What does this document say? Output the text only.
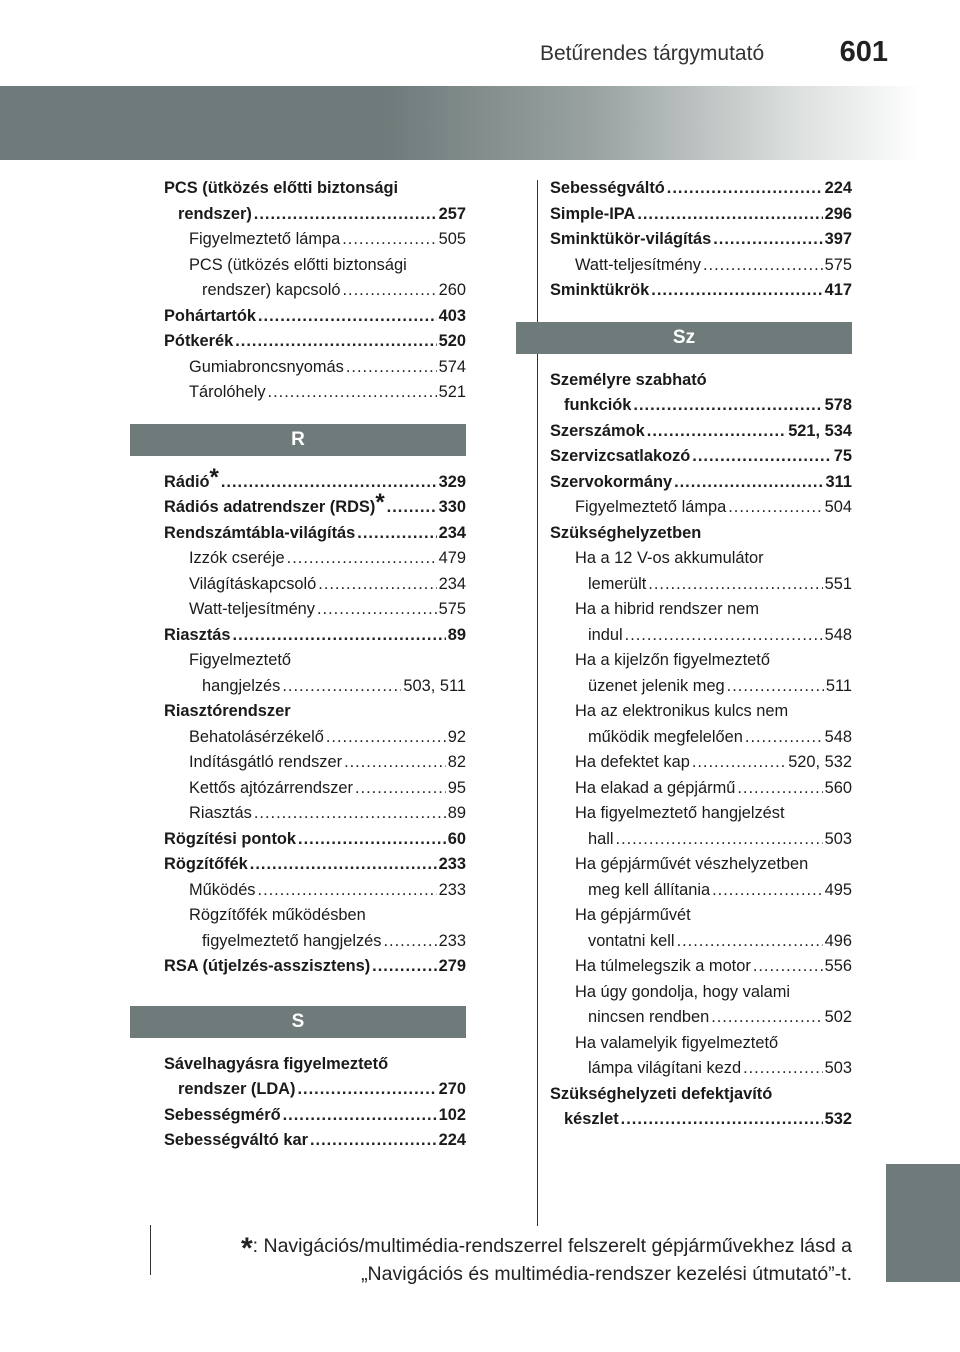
Betűrendes tárgymutató	601
PCS (ütközés előtti biztonsági
rendszer) .....	257
Figyelmeztető lámpa .....	505
PCS (ütközés előtti biztonsági
rendszer) kapcsoló .....	260
Pohártartók .....	403
Pótkerék .....	520
Gumiabroncsnyomás .....	574
Tárolóhely .....	521
R
Rádió* .....	329
Rádiós adatrendszer (RDS)* .....	330
Rendszámtábla-világítás .....	234
Izzók cseréje .....	479
Világításkapcsoló .....	234
Watt-teljesítmény .....	575
Riasztás .....	89
Figyelmeztető
hangjelzés .....	503, 511
Riasztórendszer
Behatolásérzékelő .....	92
Indításgátló rendszer .....	82
Kettős ajtózárrendszer .....	95
Riasztás .....	89
Rögzítési pontok .....	60
Rögzítőfék .....	233
Működés .....	233
Rögzítőfék működésben
figyelmeztető hangjelzés .....	233
RSA (útjelzés-asszisztens) .....	279
S
Sávelhagyásra figyelmeztető
rendszer (LDA) .....	270
Sebességmérő .....	102
Sebességváltó kar .....	224
Sebességváltó .....	224
Simple-IPA .....	296
Sminktükör-világítás .....	397
Watt-teljesítmény .....	575
Sminktükrök .....	417
Sz
Személyre szabható
funkciók .....	578
Szerszámok .....	521, 534
Szervizcsatlakozó .....	75
Szervokormány .....	311
Figyelmeztető lámpa .....	504
Szükséghelyzetben
Ha a 12 V-os akkumulátor
lemerült .....	551
Ha a hibrid rendszer nem
indul .....	548
Ha a kijelzőn figyelmeztető
üzenet jelenik meg .....	511
Ha az elektronikus kulcs nem
működik megfelelően .....	548
Ha defektet kap .....	520, 532
Ha elakad a gépjármű .....	560
Ha figyelmeztető hangjelzést
hall .....	503
Ha gépjárművét vészhelyzetben
meg kell állítania .....	495
Ha gépjárművét
vontatni kell .....	496
Ha túlmelegszik a motor .....	556
Ha úgy gondolja, hogy valami
nincsen rendben .....	502
Ha valamelyik figyelmeztető
lámpa világítani kezd .....	503
Szükséghelyzeti defektjavító
készlet .....	532
*: Navigációs/multimédia-rendszerrel felszerelt gépjárművekhez lásd a
„Navigációs és multimédia-rendszer kezelési útmutató”-t.
